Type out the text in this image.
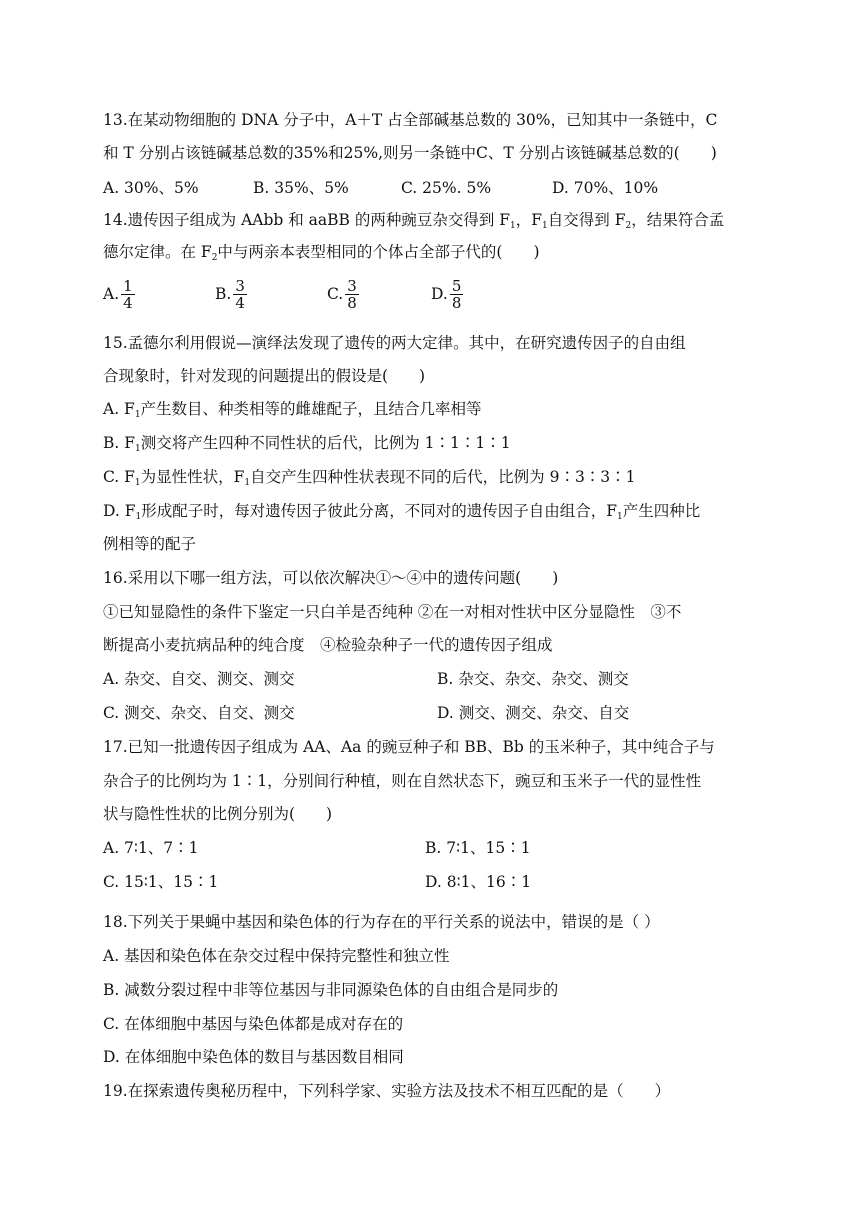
13.在某动物细胞的 DNA 分子中，A＋T 占全部碱基总数的 30%，已知其中一条链中，C
和 T 分别占该链碱基总数的35%和25%,则另一条链中C、T 分别占该链碱基总数的(　　)
A. 30%、5%	B. 35%、5%	C. 25%. 5%	D. 70%、10%
14.遗传因子组成为 AAbb 和 aaBB 的两种豌豆杂交得到 $F_1$，$F_1$自交得到 $F_2$，结果符合孟
德尔定律。在 $F_2$中与两亲本表型相同的个体占全部子代的(　　)
A. $\frac{1}{4}$	B. $\frac{3}{4}$	C. $\frac{3}{8}$	D. $\frac{5}{8}$
15.孟德尔利用假说—演绎法发现了遗传的两大定律。其中，在研究遗传因子的自由组
合现象时，针对发现的问题提出的假设是(　　)
A. $F_1$产生数目、种类相等的雌雄配子，且结合几率相等
B. $F_1$测交将产生四种不同性状的后代，比例为 1∶1∶1∶1
C. $F_1$为显性性状，$F_1$自交产生四种性状表现不同的后代，比例为 9∶3∶3∶1
D. $F_1$形成配子时，每对遗传因子彼此分离，不同对的遗传因子自由组合，$F_1$产生四种比
例相等的配子
16.采用以下哪一组方法，可以依次解决①～④中的遗传问题(　　)
①已知显隐性的条件下鉴定一只白羊是否纯种 ②在一对相对性状中区分显隐性　③不
断提高小麦抗病品种的纯合度　④检验杂种子一代的遗传因子组成
A. 杂交、自交、测交、测交	B. 杂交、杂交、杂交、测交
C. 测交、杂交、自交、测交	D. 测交、测交、杂交、自交
17.已知一批遗传因子组成为 AA、Aa 的豌豆种子和 BB、Bb 的玉米种子，其中纯合子与
杂合子的比例均为 1∶1，分别间行种植，则在自然状态下，豌豆和玉米子一代的显性性
状与隐性性状的比例分别为(　　)
A. 7∶1、7∶1	B. 7∶1、15∶1
C. 15∶1、15∶1	D. 8∶1、16∶1
18.下列关于果蝇中基因和染色体的行为存在的平行关系的说法中，错误的是（ ）
A. 基因和染色体在杂交过程中保持完整性和独立性
B. 减数分裂过程中非等位基因与非同源染色体的自由组合是同步的
C. 在体细胞中基因与染色体都是成对存在的
D. 在体细胞中染色体的数目与基因数目相同
19.在探索遗传奥秘历程中，下列科学家、实验方法及技术不相互匹配的是（　　）
